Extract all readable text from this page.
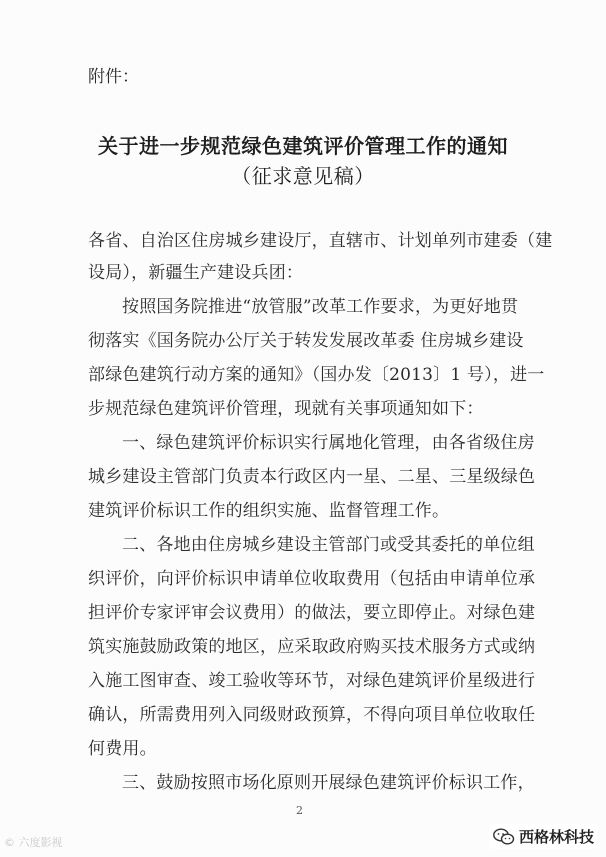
附件：
关于进一步规范绿色建筑评价管理工作的通知
（征求意见稿）
各省、自治区住房城乡建设厅，直辖市、计划单列市建委（建
设局），新疆生产建设兵团：
按照国务院推进“放管服”改革工作要求，为更好地贯
彻落实《国务院办公厅关于转发发展改革委 住房城乡建设
部绿色建筑行动方案的通知》（国办发〔2013〕1 号），进一
步规范绿色建筑评价管理，现就有关事项通知如下：
一、绿色建筑评价标识实行属地化管理，由各省级住房
城乡建设主管部门负责本行政区内一星、二星、三星级绿色
建筑评价标识工作的组织实施、监督管理工作。
二、各地由住房城乡建设主管部门或受其委托的单位组
织评价，向评价标识申请单位收取费用（包括由申请单位承
担评价专家评审会议费用）的做法，要立即停止。对绿色建
筑实施鼓励政策的地区，应采取政府购买技术服务方式或纳
入施工图审查、竣工验收等环节，对绿色建筑评价星级进行
确认，所需费用列入同级财政预算，不得向项目单位收取任
何费用。
三、鼓励按照市场化原则开展绿色建筑评价标识工作，
2
© 六度影视	西格林科技
